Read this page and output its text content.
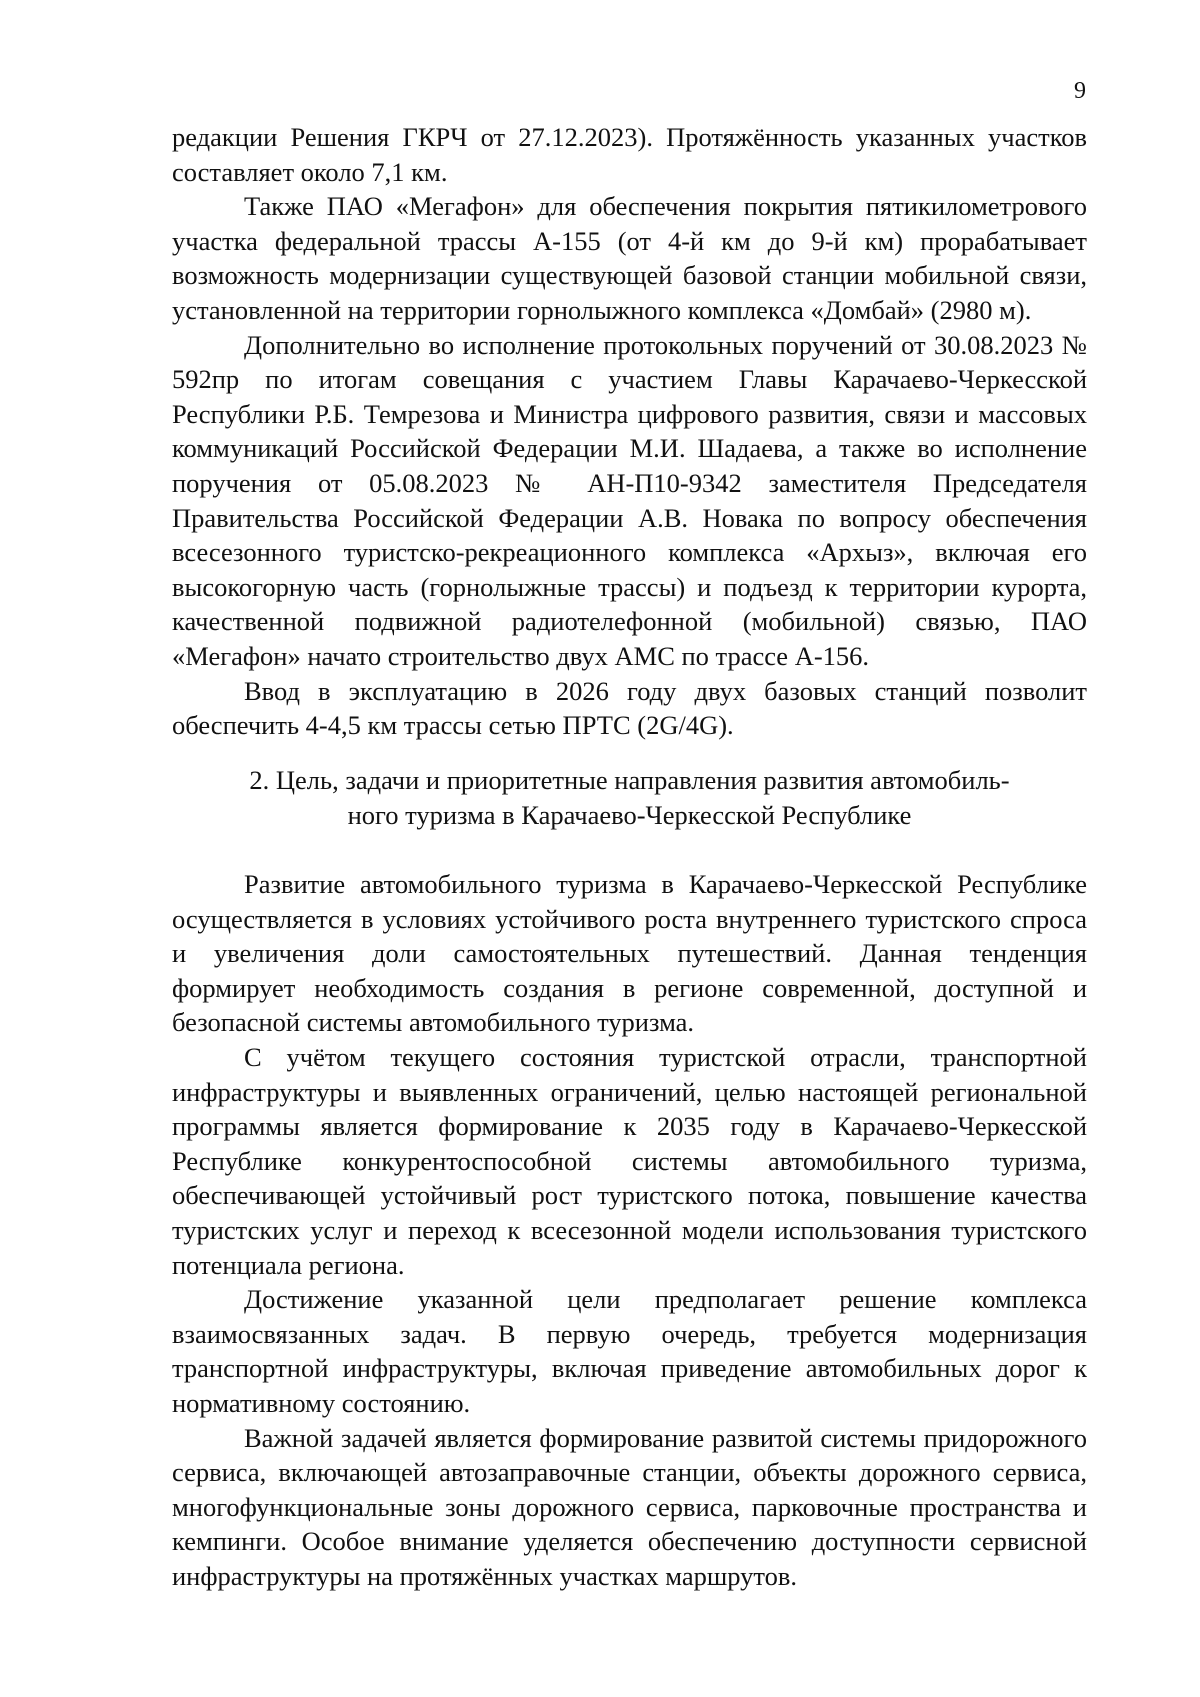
9

редакции Решения ГКРЧ от 27.12.2023). Протяжённость указанных участков составляет около 7,1 км.

Также ПАО «Мегафон» для обеспечения покрытия пятикилометрового участка федеральной трассы А-155 (от 4-й км до 9-й км) прорабатывает возможность модернизации существующей базовой станции мобильной связи, установленной на территории горнолыжного комплекса «Домбай» (2980 м).

Дополнительно во исполнение протокольных поручений от 30.08.2023 № 592пр по итогам совещания с участием Главы Карачаево-Черкесской Республики Р.Б. Темрезова и Министра цифрового развития, связи и массовых коммуникаций Российской Федерации М.И. Шадаева, а также во исполнение поручения от 05.08.2023 № АН-П10-9342 заместителя Председателя Правительства Российской Федерации А.В. Новака по вопросу обеспечения всесезонного туристско-рекреационного комплекса «Архыз», включая его высокогорную часть (горнолыжные трассы) и подъезд к территории курорта, качественной подвижной радиотелефонной (мобильной) связью, ПАО «Мегафон» начато строительство двух АМС по трассе А-156.

Ввод в эксплуатацию в 2026 году двух базовых станций позволит обеспечить 4-4,5 км трассы сетью ПРТС (2G/4G).

2. Цель, задачи и приоритетные направления развития автомобиль-
ного туризма в Карачаево-Черкесской Республике

Развитие автомобильного туризма в Карачаево-Черкесской Республике осуществляется в условиях устойчивого роста внутреннего туристского спроса и увеличения доли самостоятельных путешествий. Данная тенденция формирует необходимость создания в регионе современной, доступной и безопасной системы автомобильного туризма.

С учётом текущего состояния туристской отрасли, транспортной инфраструктуры и выявленных ограничений, целью настоящей региональной программы является формирование к 2035 году в Карачаево-Черкесской Республике конкурентоспособной системы автомобильного туризма, обеспечивающей устойчивый рост туристского потока, повышение качества туристских услуг и переход к всесезонной модели использования туристского потенциала региона.

Достижение указанной цели предполагает решение комплекса взаимосвязанных задач. В первую очередь, требуется модернизация транспортной инфраструктуры, включая приведение автомобильных дорог к нормативному состоянию.

Важной задачей является формирование развитой системы придорожного сервиса, включающей автозаправочные станции, объекты дорожного сервиса, многофункциональные зоны дорожного сервиса, парковочные пространства и кемпинги. Особое внимание уделяется обеспечению доступности сервисной инфраструктуры на протяжённых участках маршрутов.
